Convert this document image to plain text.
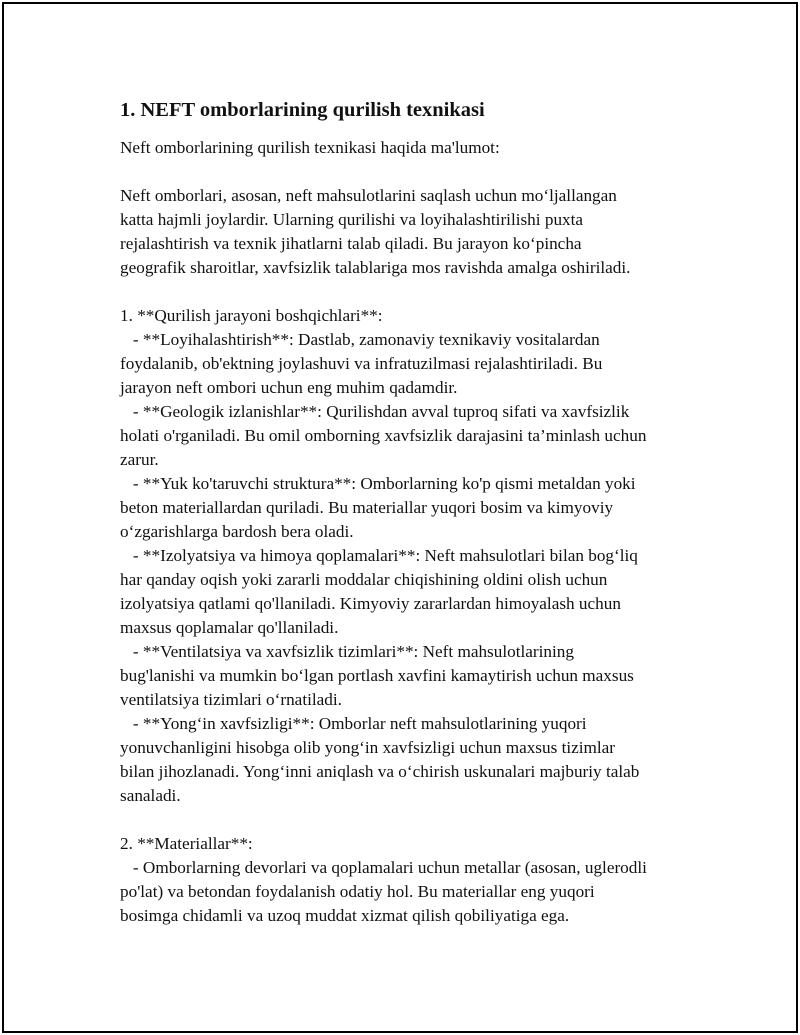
1. NEFT omborlarining qurilish texnikasi
Neft omborlarining qurilish texnikasi haqida ma'lumot:
Neft omborlari, asosan, neft mahsulotlarini saqlash uchun mo‘ljallangan
katta hajmli joylardir. Ularning qurilishi va loyihalashtirilishi puxta
rejalashtirish va texnik jihatlarni talab qiladi. Bu jarayon ko‘pincha
geografik sharoitlar, xavfsizlik talablariga mos ravishda amalga oshiriladi.
1. **Qurilish jarayoni boshqichlari**:
- **Loyihalashtirish**: Dastlab, zamonaviy texnikaviy vositalardan
foydalanib, ob'ektning joylashuvi va infratuzilmasi rejalashtiriladi. Bu
jarayon neft ombori uchun eng muhim qadamdir.
- **Geologik izlanishlar**: Qurilishdan avval tuproq sifati va xavfsizlik
holati o'rganiladi. Bu omil omborning xavfsizlik darajasini ta’minlash uchun
zarur.
- **Yuk ko'taruvchi struktura**: Omborlarning ko'p qismi metaldan yoki
beton materiallardan quriladi. Bu materiallar yuqori bosim va kimyoviy
o‘zgarishlarga bardosh bera oladi.
- **Izolyatsiya va himoya qoplamalari**: Neft mahsulotlari bilan bog‘liq
har qanday oqish yoki zararli moddalar chiqishining oldini olish uchun
izolyatsiya qatlami qo'llaniladi. Kimyoviy zararlardan himoyalash uchun
maxsus qoplamalar qo'llaniladi.
- **Ventilatsiya va xavfsizlik tizimlari**: Neft mahsulotlarining
bug'lanishi va mumkin bo‘lgan portlash xavfini kamaytirish uchun maxsus
ventilatsiya tizimlari o‘rnatiladi.
- **Yong‘in xavfsizligi**: Omborlar neft mahsulotlarining yuqori
yonuvchanligini hisobga olib yong‘in xavfsizligi uchun maxsus tizimlar
bilan jihozlanadi. Yong‘inni aniqlash va o‘chirish uskunalari majburiy talab
sanaladi.
2. **Materiallar**:
- Omborlarning devorlari va qoplamalari uchun metallar (asosan, uglerodli
po'lat) va betondan foydalanish odatiy hol. Bu materiallar eng yuqori
bosimga chidamli va uzoq muddat xizmat qilish qobiliyatiga ega.
